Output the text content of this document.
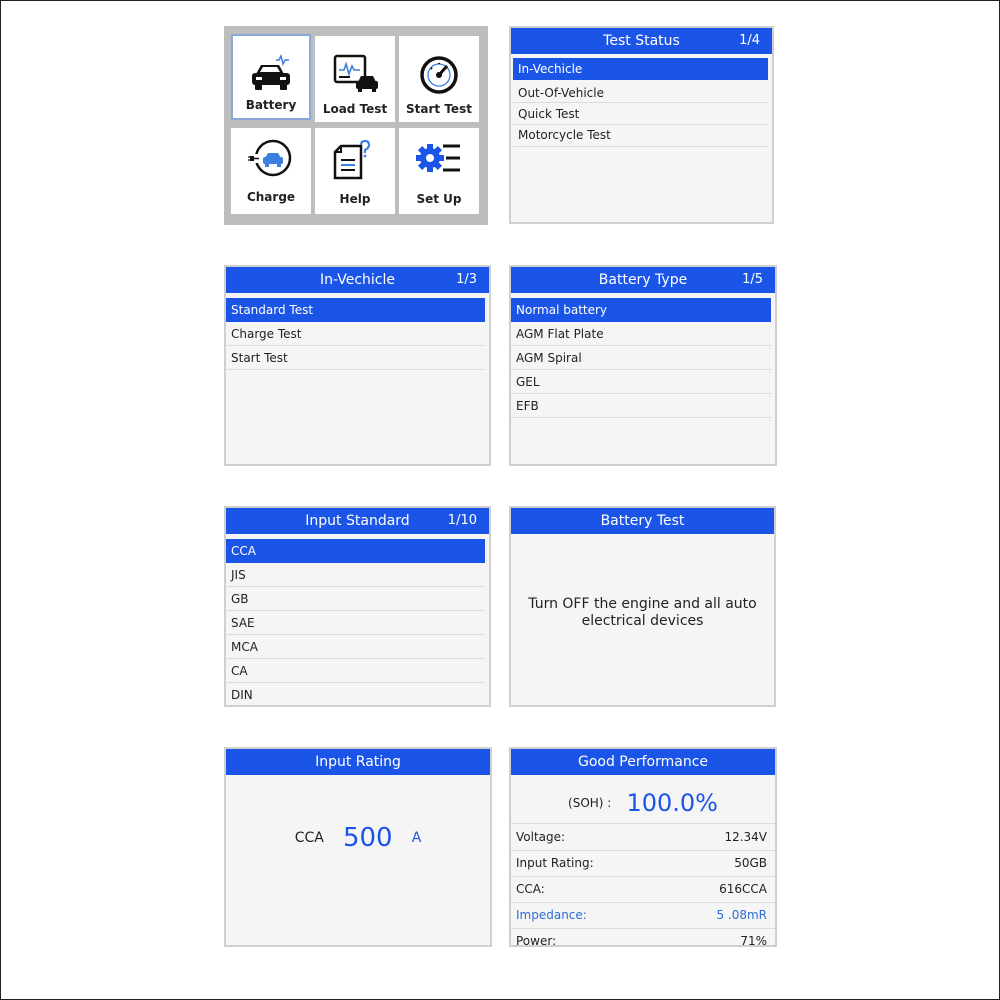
Battery	Load Test	Start Test
Charge	Help	Set Up
Test Status	1/4
In-Vechicle
Out-Of-Vehicle
Quick Test
Motorcycle Test
In-Vechicle	1/3
Standard Test
Charge Test
Start Test
Battery Type	1/5
Normal battery
AGM Flat Plate
AGM Spiral
GEL
EFB
Input Standard	1/10
CCA
JIS
GB
SAE
MCA
CA
DIN
Battery Test
Turn OFF the engine and all auto electrical devices
Input Rating
CCA 500 A
Good Performance
(SOH) : 100.0%
Voltage:	12.34V
Input Rating:	50GB
CCA:	616CCA
Impedance:	5 .08mR
Power:	71%
